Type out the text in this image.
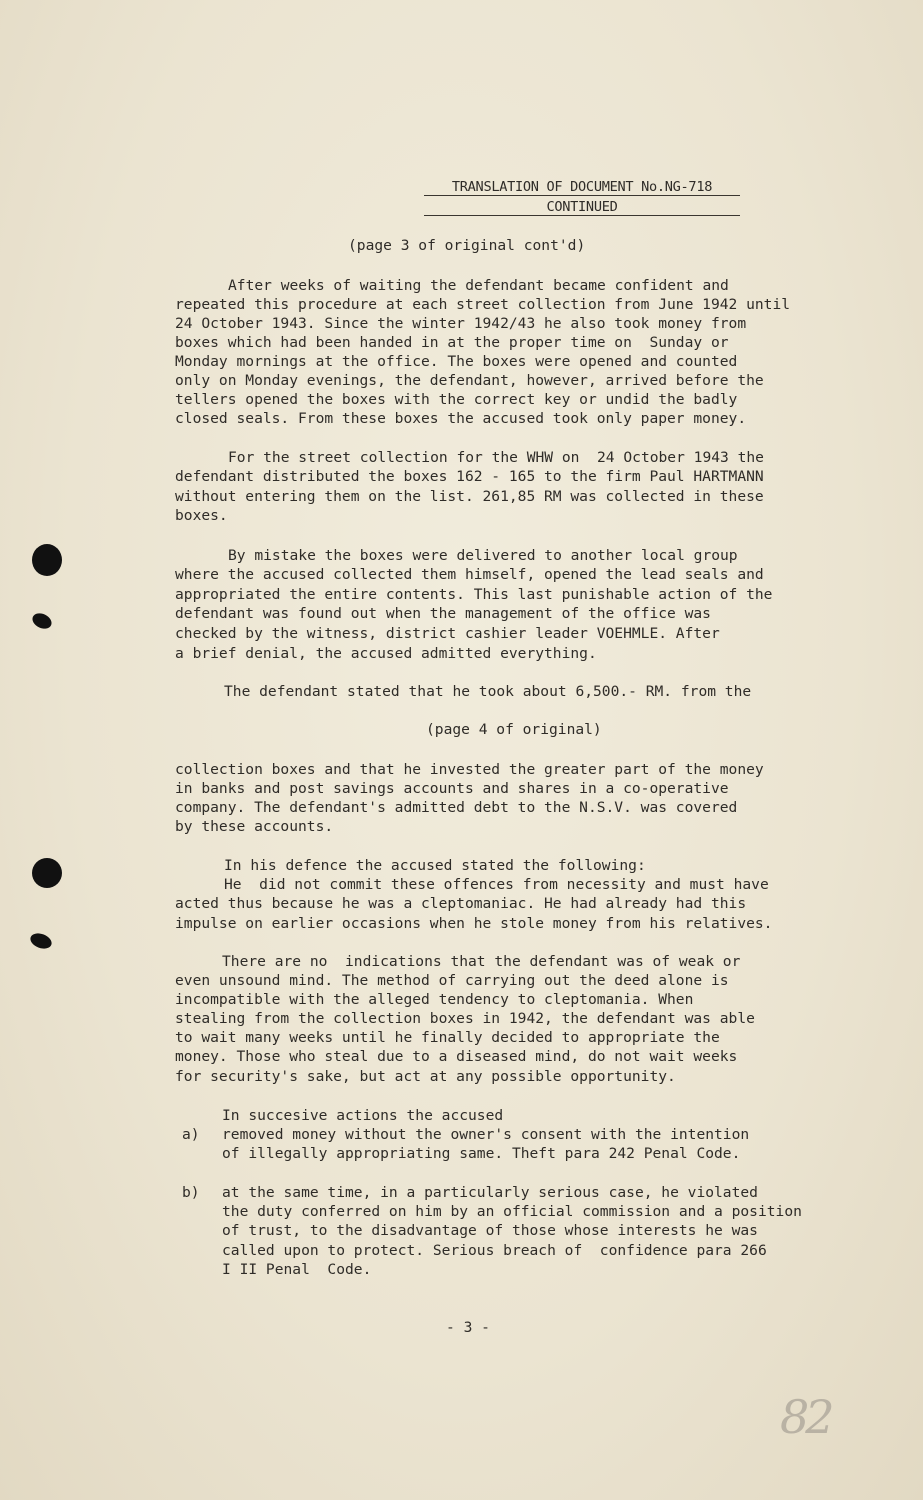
TRANSLATION OF DOCUMENT No.NG-718
CONTINUED
(page 3 of original cont'd)
After weeks of waiting the defendant became confident and
repeated this procedure at each street collection from June 1942 until
24 October 1943. Since the winter 1942/43 he also took money from
boxes which had been handed in at the proper time on  Sunday or
Monday mornings at the office. The boxes were opened and counted
only on Monday evenings, the defendant, however, arrived before the
tellers opened the boxes with the correct key or undid the badly
closed seals. From these boxes the accused took only paper money.
For the street collection for the WHW on  24 October 1943 the
defendant distributed the boxes 162 - 165 to the firm Paul HARTMANN
without entering them on the list. 261,85 RM was collected in these
boxes.
By mistake the boxes were delivered to another local group
where the accused collected them himself, opened the lead seals and
appropriated the entire contents. This last punishable action of the
defendant was found out when the management of the office was
checked by the witness, district cashier leader VOEHMLE. After
a brief denial, the accused admitted everything.
The defendant stated that he took about 6,500.- RM. from the
(page 4 of original)
collection boxes and that he invested the greater part of the money
in banks and post savings accounts and shares in a co-operative
company. The defendant's admitted debt to the N.S.V. was covered
by these accounts.
In his defence the accused stated the following:
He  did not commit these offences from necessity and must have
acted thus because he was a cleptomaniac. He had already had this
impulse on earlier occasions when he stole money from his relatives.
There are no  indications that the defendant was of weak or
even unsound mind. The method of carrying out the deed alone is
incompatible with the alleged tendency to cleptomania. When
stealing from the collection boxes in 1942, the defendant was able
to wait many weeks until he finally decided to appropriate the
money. Those who steal due to a diseased mind, do not wait weeks
for security's sake, but act at any possible opportunity.
In succesive actions the accused
a) removed money without the owner's consent with the intention
of illegally appropriating same. Theft para 242 Penal Code.
b) at the same time, in a particularly serious case, he violated
the duty conferred on him by an official commission and a position
of trust, to the disadvantage of those whose interests he was
called upon to protect. Serious breach of  confidence para 266
I II Penal  Code.
- 3 -
82
